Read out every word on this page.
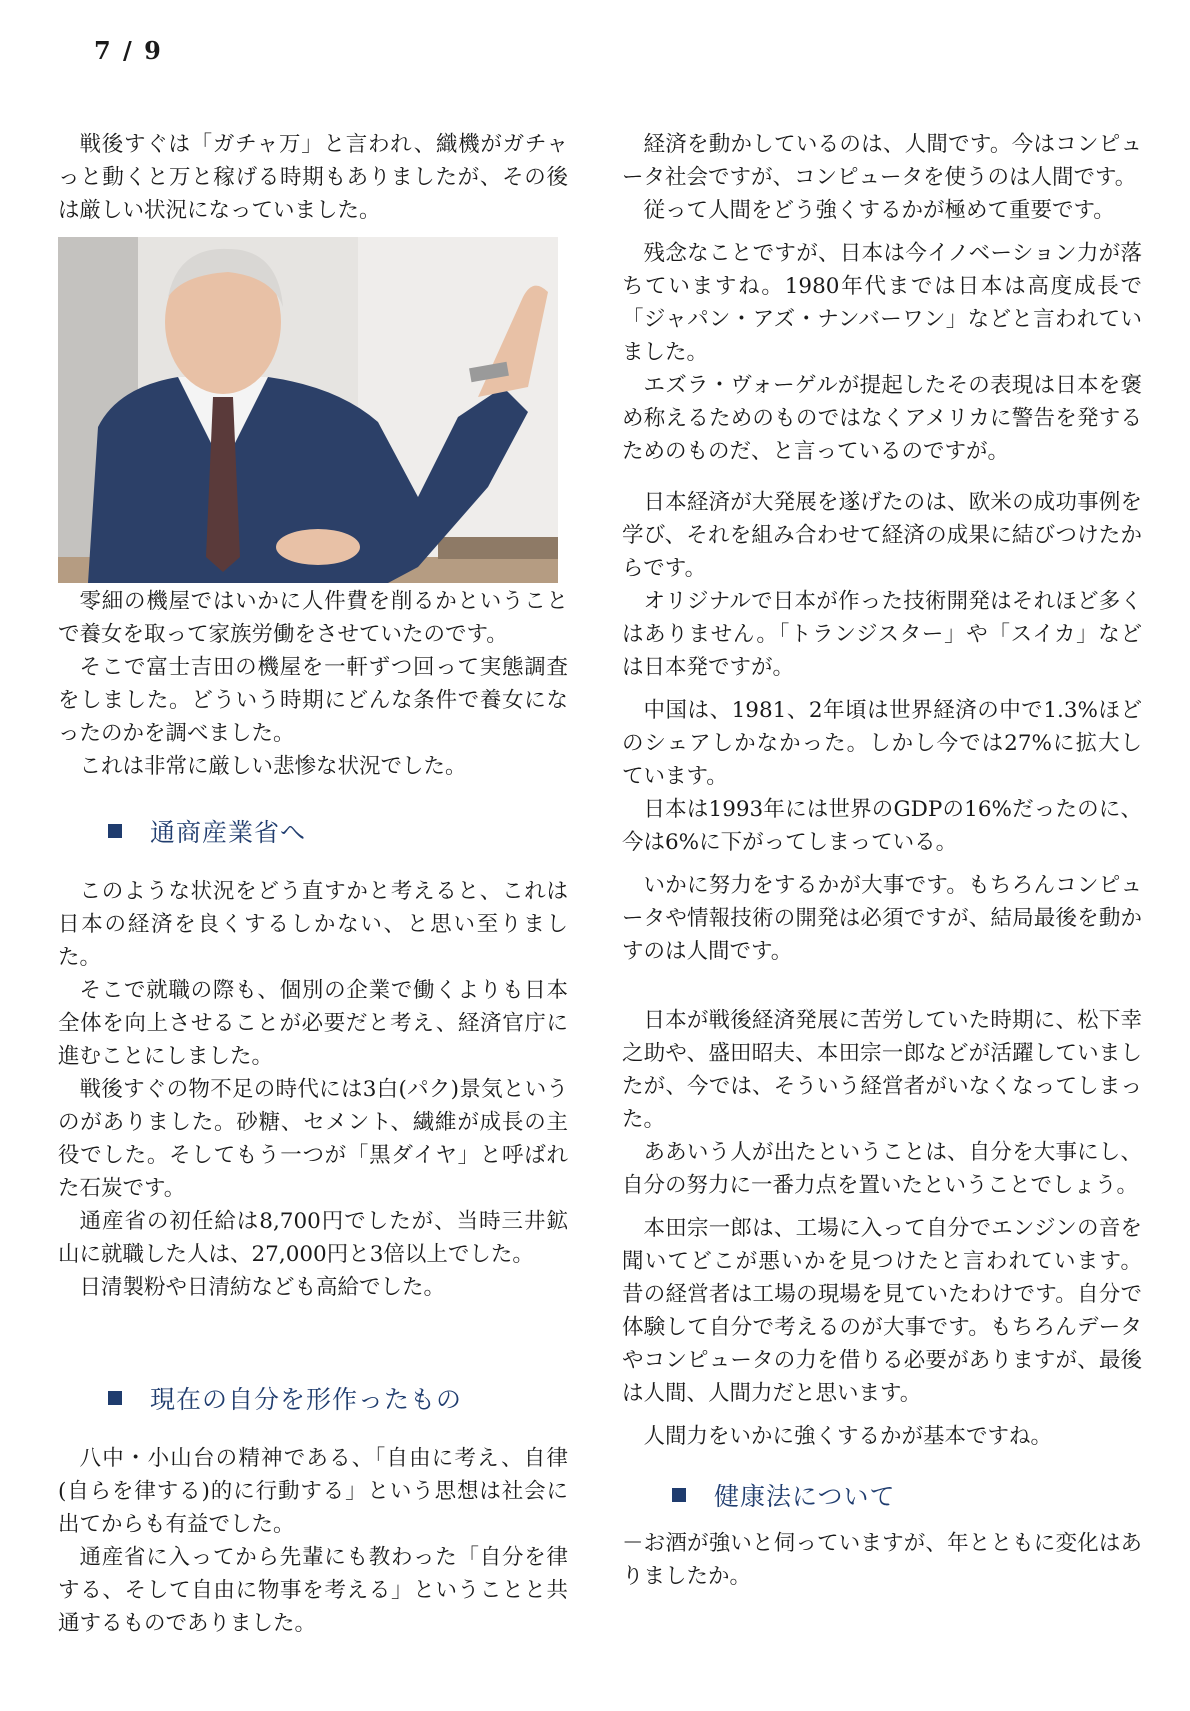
7 / 9

戦後すぐは「ガチャ万」と言われ、織機がガチャっと動くと万と稼げる時期もありましたが、その後は厳しい状況になっていました。

零細の機屋ではいかに人件費を削るかということで養女を取って家族労働をさせていたのです。

そこで富士吉田の機屋を一軒ずつ回って実態調査をしました。どういう時期にどんな条件で養女になったのかを調べました。

これは非常に厳しい悲惨な状況でした。

通商産業省へ

このような状況をどう直すかと考えると、これは日本の経済を良くするしかない、と思い至りました。

そこで就職の際も、個別の企業で働くよりも日本全体を向上させることが必要だと考え、経済官庁に進むことにしました。

戦後すぐの物不足の時代には3白(パク)景気というのがありました。砂糖、セメント、繊維が成長の主役でした。そしてもう一つが「黒ダイヤ」と呼ばれた石炭です。

通産省の初任給は8,700円でしたが、当時三井鉱山に就職した人は、27,000円と3倍以上でした。

日清製粉や日清紡なども高給でした。

現在の自分を形作ったもの

八中・小山台の精神である、「自由に考え、自律(自らを律する)的に行動する」という思想は社会に出てからも有益でした。

通産省に入ってから先輩にも教わった「自分を律する、そして自由に物事を考える」ということと共通するものでありました。

経済を動かしているのは、人間です。今はコンピュータ社会ですが、コンピュータを使うのは人間です。

従って人間をどう強くするかが極めて重要です。

残念なことですが、日本は今イノベーション力が落ちていますね。1980年代までは日本は高度成長で「ジャパン・アズ・ナンバーワン」などと言われていました。

エズラ・ヴォーゲルが提起したその表現は日本を褒め称えるためのものではなくアメリカに警告を発するためのものだ、と言っているのですが。

日本経済が大発展を遂げたのは、欧米の成功事例を学び、それを組み合わせて経済の成果に結びつけたからです。

オリジナルで日本が作った技術開発はそれほど多くはありません。「トランジスター」や「スイカ」などは日本発ですが。

中国は、1981、2年頃は世界経済の中で1.3%ほどのシェアしかなかった。しかし今では27%に拡大しています。

日本は1993年には世界のGDPの16%だったのに、今は6%に下がってしまっている。

いかに努力をするかが大事です。もちろんコンピュータや情報技術の開発は必須ですが、結局最後を動かすのは人間です。

日本が戦後経済発展に苦労していた時期に、松下幸之助や、盛田昭夫、本田宗一郎などが活躍していましたが、今では、そういう経営者がいなくなってしまった。

ああいう人が出たということは、自分を大事にし、自分の努力に一番力点を置いたということでしょう。

本田宗一郎は、工場に入って自分でエンジンの音を聞いてどこが悪いかを見つけたと言われています。 昔の経営者は工場の現場を見ていたわけです。自分で体験して自分で考えるのが大事です。もちろんデータやコンピュータの力を借りる必要がありますが、最後は人間、人間力だと思います。

人間力をいかに強くするかが基本ですね。

健康法について

－お酒が強いと伺っていますが、年とともに変化はありましたか。
